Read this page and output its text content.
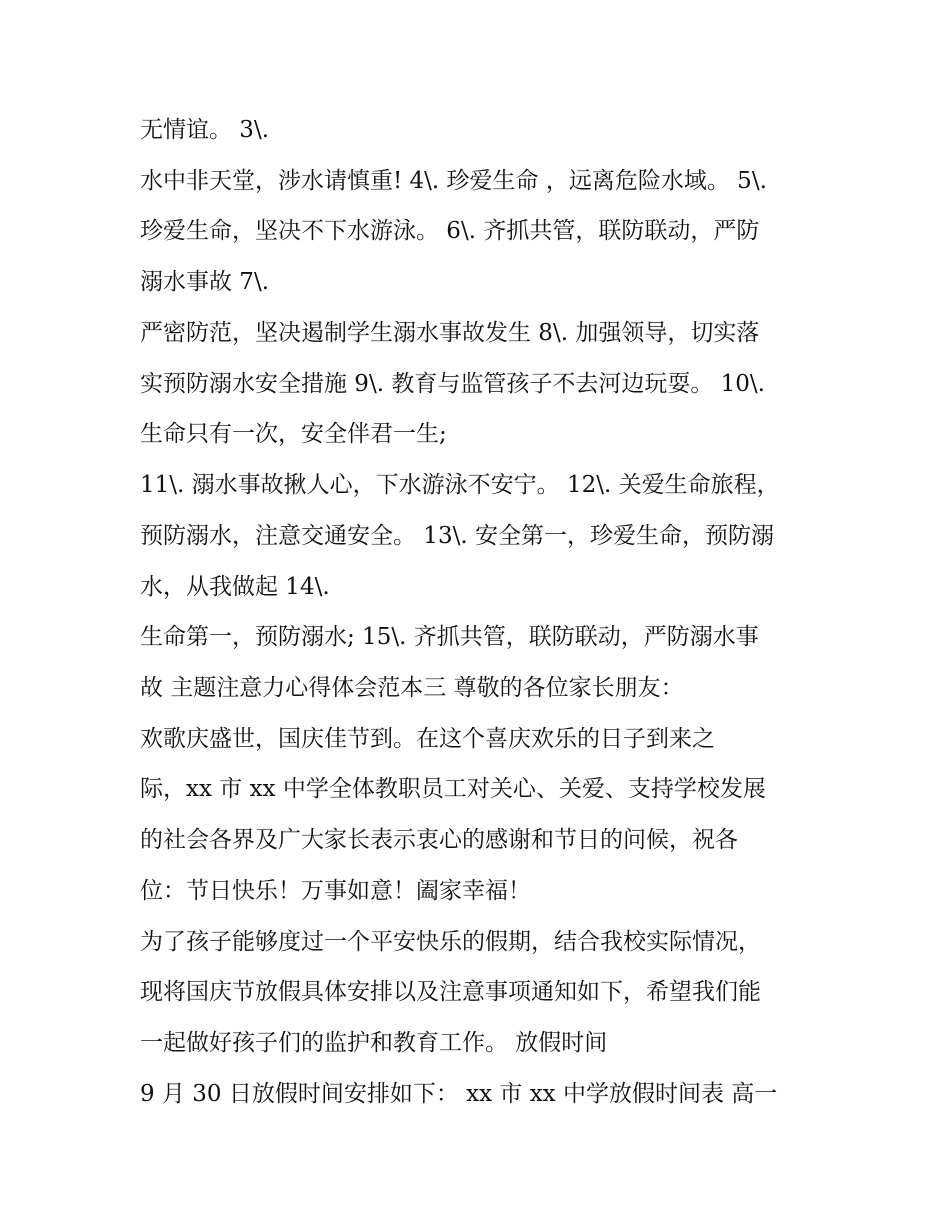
无情谊。 3\.
水中非天堂，涉水请慎重! 4\. 珍爱生命 ，远离危险水域。 5\.
珍爱生命，坚决不下水游泳。 6\. 齐抓共管，联防联动，严防
溺水事故 7\.
严密防范，坚决遏制学生溺水事故发生 8\. 加强领导，切实落
实预防溺水安全措施 9\. 教育与监管孩子不去河边玩耍。 10\.
生命只有一次，安全伴君一生;
11\. 溺水事故揪人心，下水游泳不安宁。 12\. 关爱生命旅程，
预防溺水，注意交通安全。 13\. 安全第一，珍爱生命，预防溺
水，从我做起 14\.
生命第一，预防溺水; 15\. 齐抓共管，联防联动，严防溺水事
故 主题注意力心得体会范本三 尊敬的各位家长朋友：
欢歌庆盛世，国庆佳节到。在这个喜庆欢乐的日子到来之
际，xx 市 xx 中学全体教职员工对关心、关爱、支持学校发展
的社会各界及广大家长表示衷心的感谢和节日的问候，祝各
位：节日快乐！万事如意！阖家幸福！
为了孩子能够度过一个平安快乐的假期，结合我校实际情况，
现将国庆节放假具体安排以及注意事项通知如下，希望我们能
一起做好孩子们的监护和教育工作。 放假时间
9 月 30 日放假时间安排如下： xx 市 xx 中学放假时间表 高一
